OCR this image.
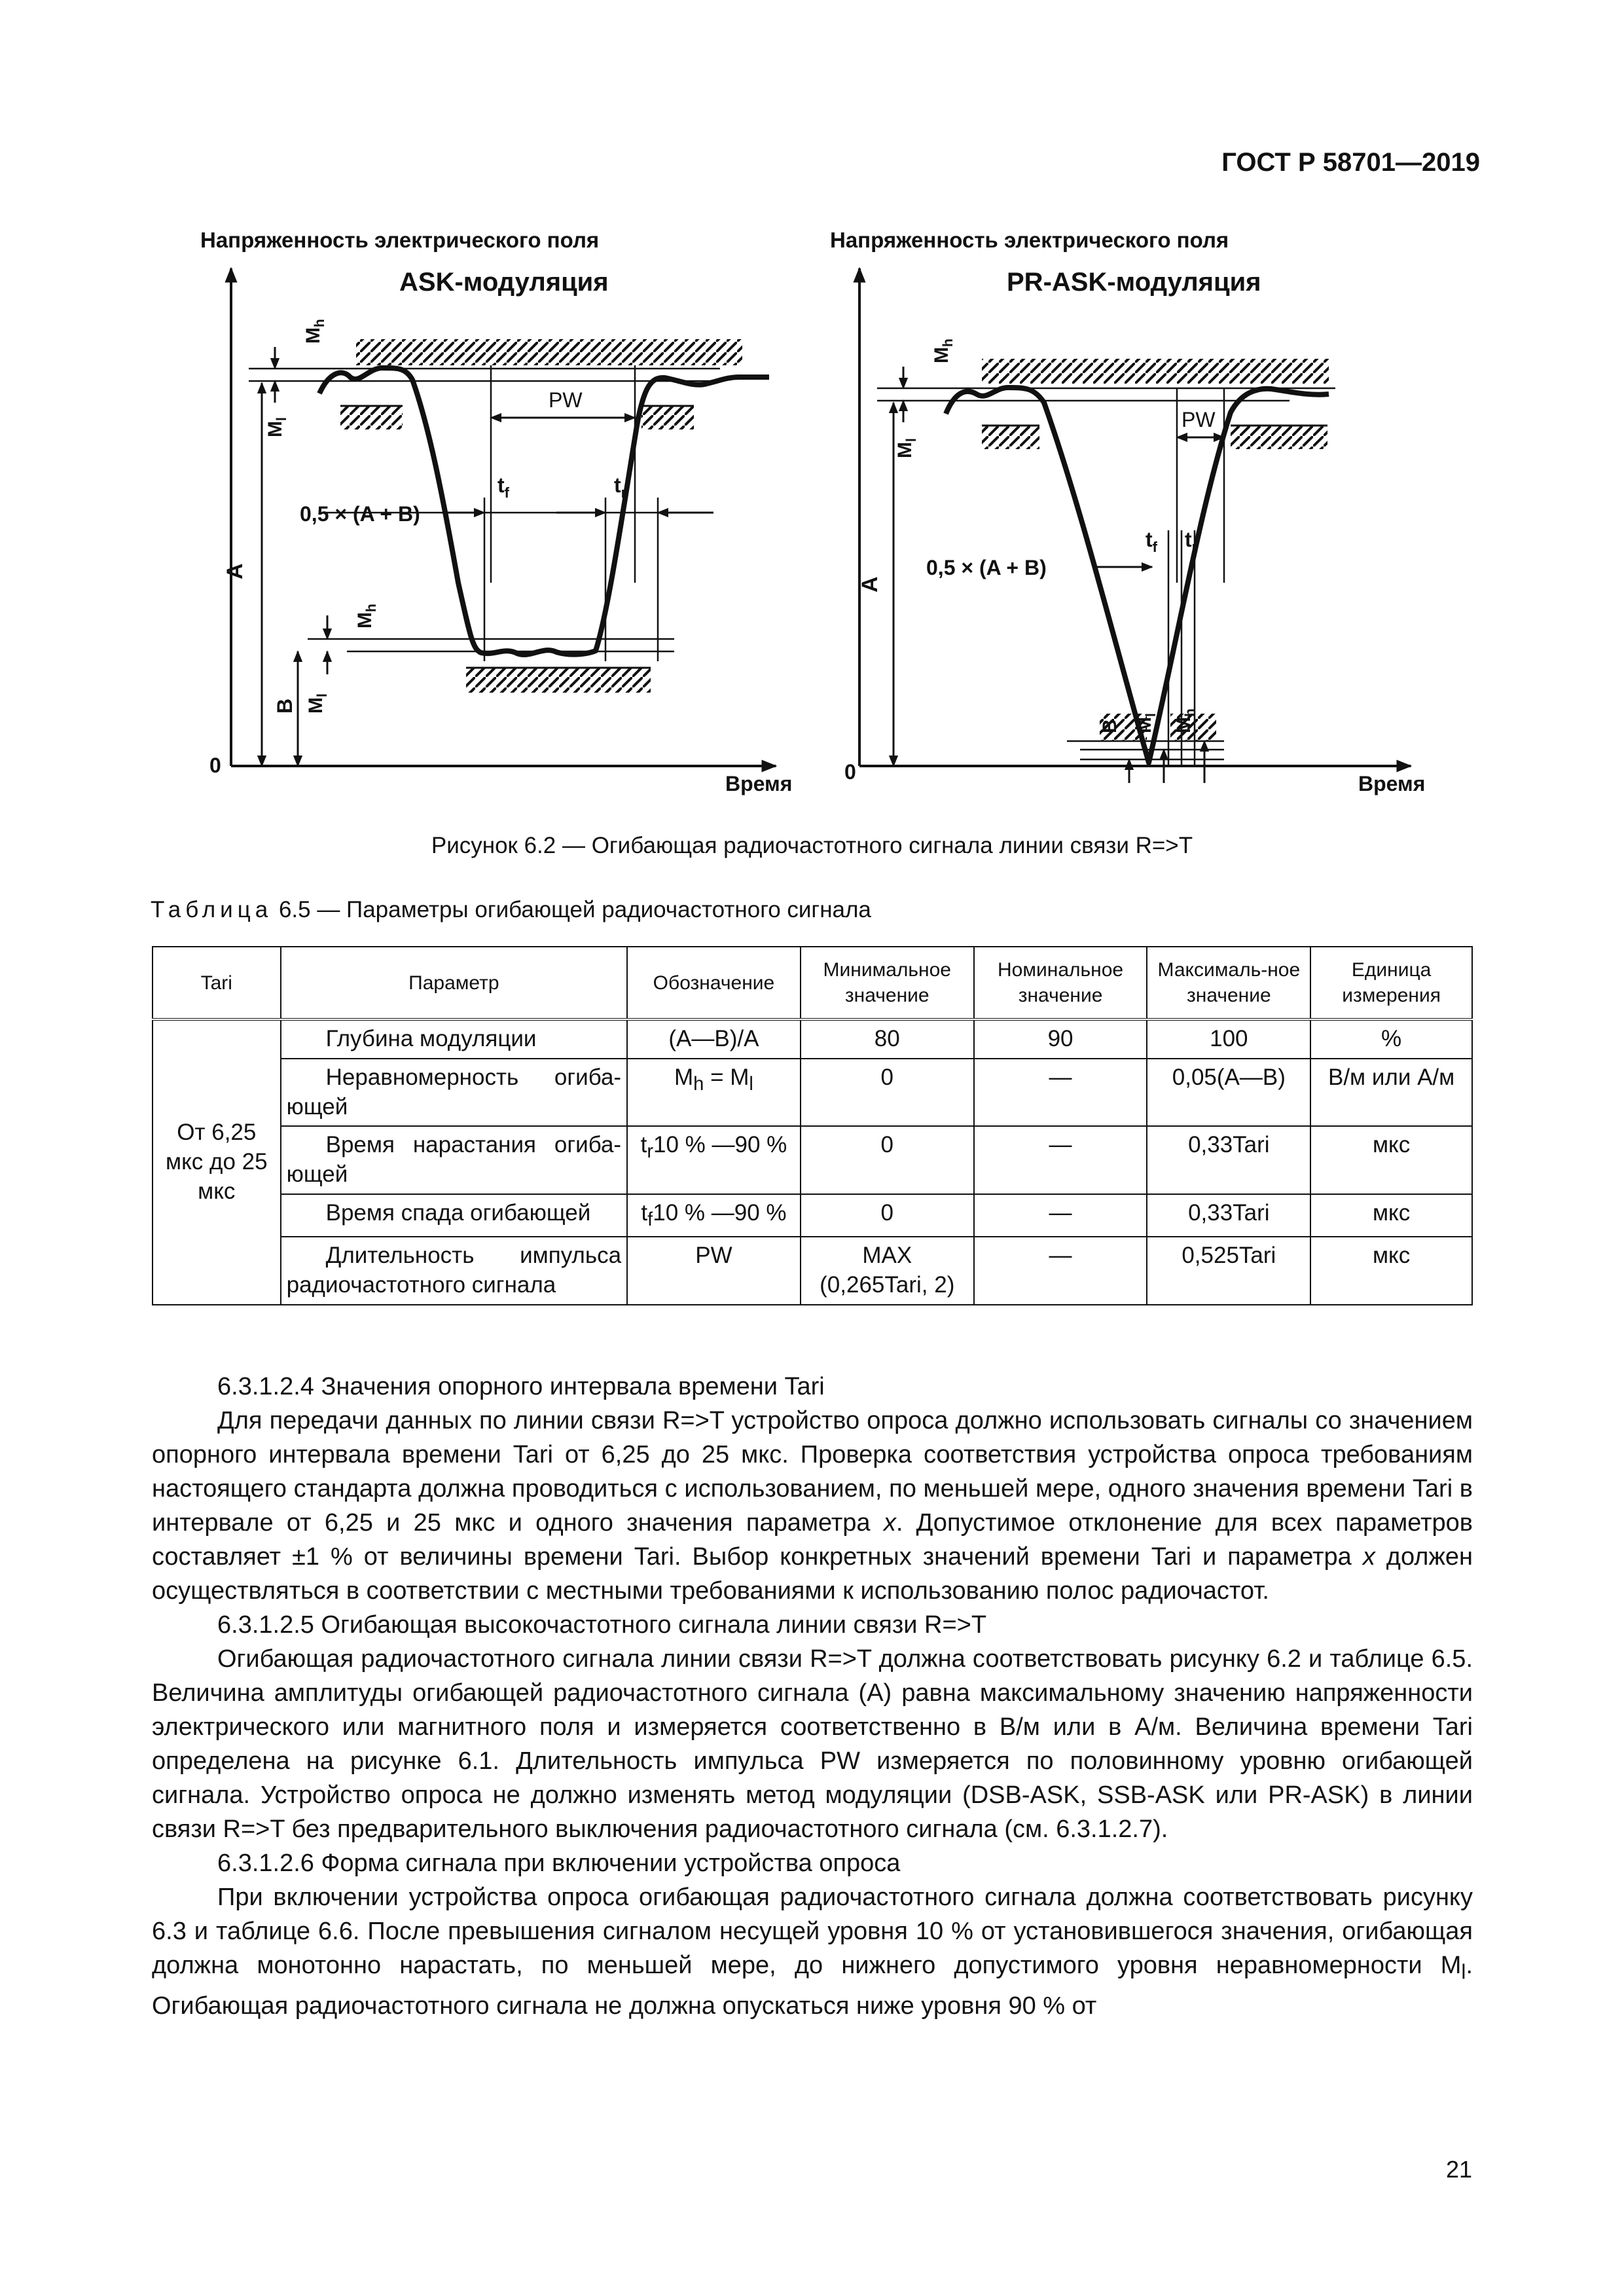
ГОСТ Р 58701—2019
Напряженность электрического поля
ASK-модуляция
Время
0
PW
0,5 × (A + B)
$t_f$	$t_r$
A
B
$M_h$
$M_l$
$M_h$
$M_l$
Напряженность электрического поля
PR-ASK-модуляция
Время
0
PW
0,5 × (A + B)
$t_f$ $t_r$
A
$M_h$
$M_l$
B $M_l$
$M_h$
Рисунок 6.2 — Огибающая радиочастотного сигнала линии связи R=>T
Таблица 6.5 — Параметры огибающей радиочастотного сигнала
Tari	Параметр	Обозначение	Минимальное значение	Номинальное значение	Максималь-ное значение	Единица измерения
От 6,25 мкс до 25 мкс	Глубина модуляции	(A—B)/A	80	90	100	%
	Неравномерность огиба-ющей	$M_h = M_l$	0	—	0,05(A—B)	В/м или А/м
	Время нарастания огиба-ющей	$t_r10$ % —90 %	0	—	0,33Tari	мкс
	Время спада огибающей	$t_f10$ % —90 %	0	—	0,33Tari	мкс
	Длительность импульса радиочастотного сигнала	PW	MAX (0,265Tari, 2)	—	0,525Tari	мкс

6.3.1.2.4 Значения опорного интервала времени Tari

Для передачи данных по линии связи R=>T устройство опроса должно использовать сигналы со значением опорного интервала времени Tari от 6,25 до 25 мкс. Проверка соответствия устройства опроса требованиям настоящего стандарта должна проводиться с использованием, по меньшей мере, одного значения времени Tari в интервале от 6,25 и 25 мкс и одного значения параметра x. Допустимое отклонение для всех параметров составляет ±1 % от величины времени Tari. Выбор конкретных значений времени Tari и параметра x должен осуществляться в соответствии с местными требованиями к использованию полос радиочастот.

6.3.1.2.5 Огибающая высокочастотного сигнала линии связи R=>T

Огибающая радиочастотного сигнала линии связи R=>T должна соответствовать рисунку 6.2 и таблице 6.5. Величина амплитуды огибающей радиочастотного сигнала (A) равна максимальному значению напряженности электрического или магнитного поля и измеряется соответственно в В/м или в А/м. Величина времени Tari определена на рисунке 6.1. Длительность импульса PW измеряется по половинному уровню огибающей сигнала. Устройство опроса не должно изменять метод модуляции (DSB-ASK, SSB-ASK или PR-ASK) в линии связи R=>T без предварительного выключения радиочастотного сигнала (см. 6.3.1.2.7).

6.3.1.2.6 Форма сигнала при включении устройства опроса

При включении устройства опроса огибающая радиочастотного сигнала должна соответствовать рисунку 6.3 и таблице 6.6. После превышения сигналом несущей уровня 10 % от установившегося значения, огибающая должна монотонно нарастать, по меньшей мере, до нижнего допустимого уровня неравномерности $M_l$. Огибающая радиочастотного сигнала не должна опускаться ниже уровня 90 % от

21
